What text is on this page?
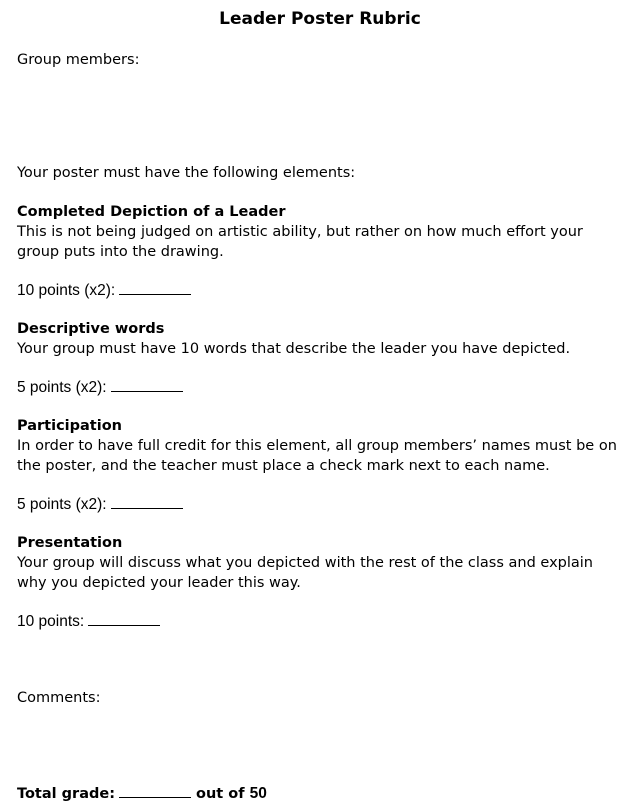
Leader Poster Rubric

Group members:

Your poster must have the following elements:

Completed Depiction of a Leader

This is not being judged on artistic ability, but rather on how much effort your group puts into the drawing.

10 points (x2):

Descriptive words

Your group must have 10 words that describe the leader you have depicted.

5 points (x2):

Participation

In order to have full credit for this element, all group members’ names must be on the poster, and the teacher must place a check mark next to each name.

5 points (x2):

Presentation

Your group will discuss what you depicted with the rest of the class and explain why you depicted your leader this way.

10 points:

Comments:

Total grade:	out of 50
